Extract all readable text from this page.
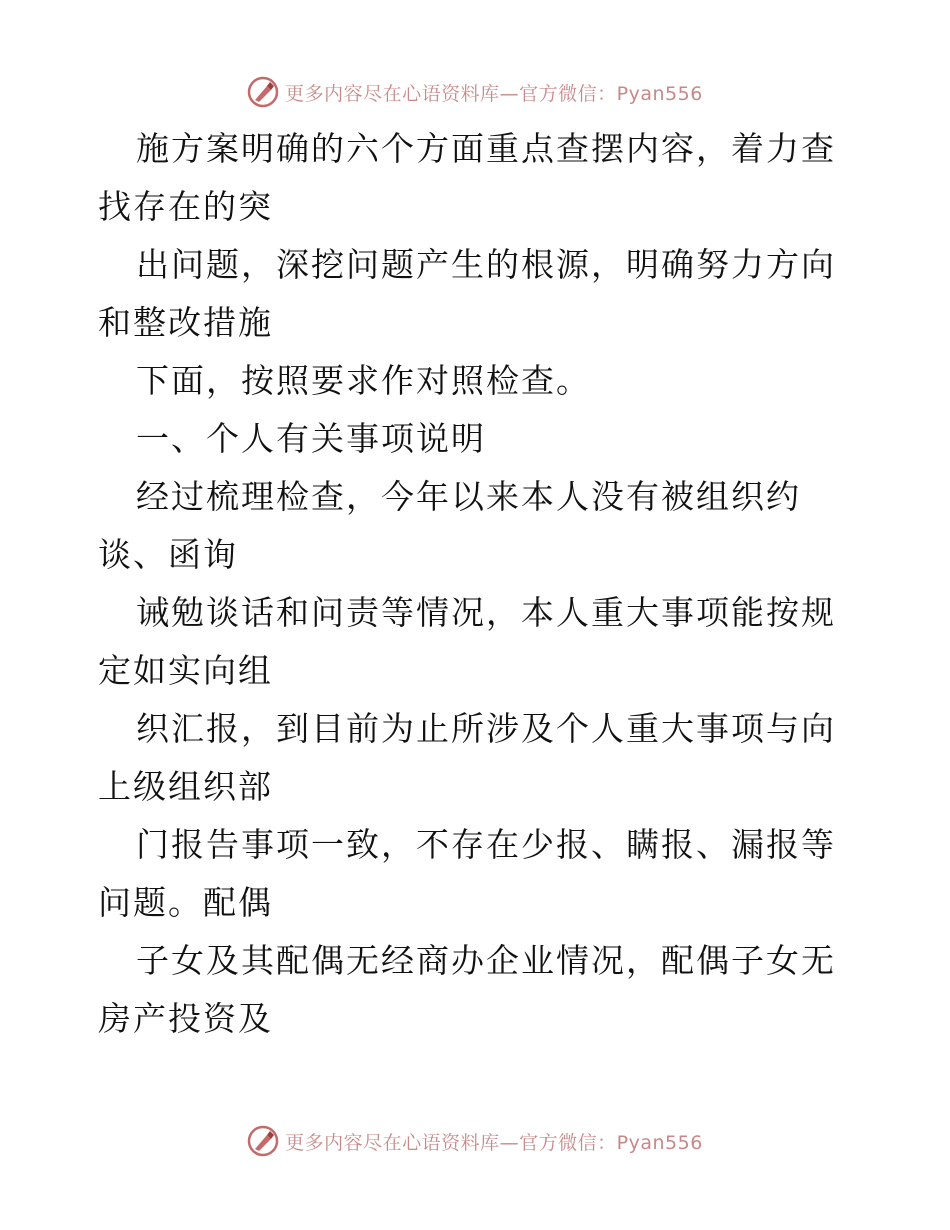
更多内容尽在心语资料库—官方微信：Pyan556

施方案明确的六个方面重点查摆内容，着力查找存在的突

出问题，深挖问题产生的根源，明确努力方向和整改措施

下面，按照要求作对照检查。

一、个人有关事项说明

经过梳理检查，今年以来本人没有被组织约谈、函询

诫勉谈话和问责等情况，本人重大事项能按规定如实向组

织汇报，到目前为止所涉及个人重大事项与向上级组织部

门报告事项一致，不存在少报、瞒报、漏报等问题。配偶

子女及其配偶无经商办企业情况，配偶子女无房产投资及

更多内容尽在心语资料库—官方微信：Pyan556
